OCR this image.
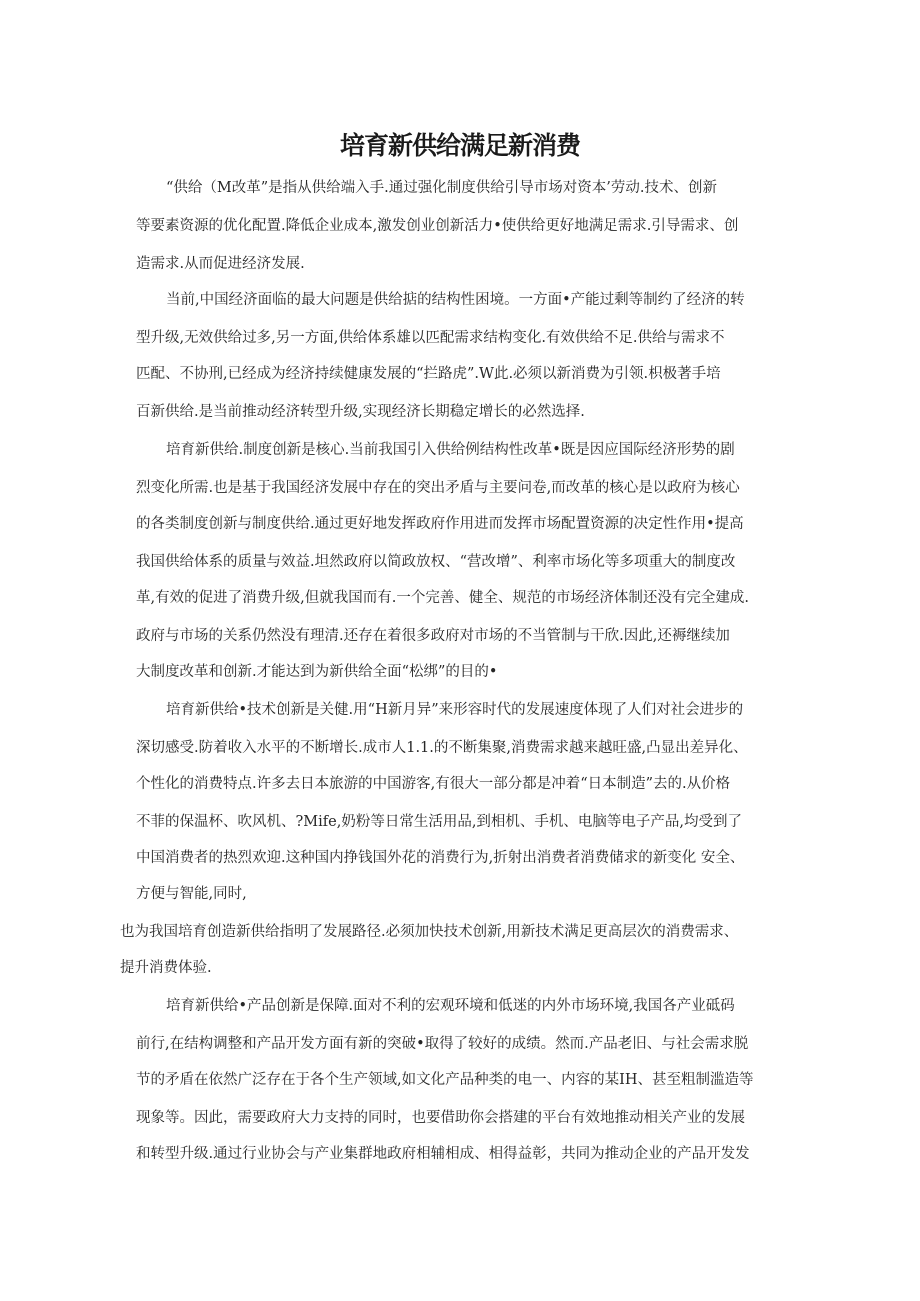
培育新供给满足新消费
“供给（M改革”是指从供给端入手.通过强化制度供给引导市场对资本’劳动.技术、创新
等要素资源的优化配置.降低企业成本,激发创业创新活力•使供给更好地满足需求.引导需求、创
造需求.从而促进经济发展.
当前,中国经济面临的最大问题是供给掂的结构性困境。一方面•产能过剩等制约了经济的转
型升级,无效供给过多,另一方面,供给体系雄以匹配需求结构变化.有效供给不足.供给与需求不
匹配、不协刑,已经成为经济持续健康发展的“拦路虎”.W此.必须以新消费为引领.枳极著手培
百新供给.是当前推动经济转型升级,实现经济长期稳定增长的必然选择.
培育新供给.制度创新是核心.当前我国引入供给例结构性改革•既是因应国际经济形势的剧
烈变化所需.也是基于我国经济发展中存在的突出矛盾与主要问卷,而改革的核心是以政府为核心
的各类制度创新与制度供给.通过更好地发挥政府作用进而发挥市场配置资源的决定性作用•提高
我国供给体系的质量与效益.坦然政府以简政放权、“营改增”、利率市场化等多项重大的制度改
革,有效的促进了消费升级,但就我国而有.一个完善、健全、规范的市场经济体制还没有完全建成.
政府与市场的关系仍然没有理清.还存在着很多政府对市场的不当管制与干欣.因此,还褥继续加
大制度改革和创新.才能达到为新供给全面“松绑”的目的•
培育新供给•技术创新是关健.用“H新月异”来形容时代的发展速度体现了人们对社会进步的
深切感受.防着收入水平的不断增长.成市人1.1.的不断集聚,消费需求越来越旺盛,凸显出差异化、
个性化的消费特点.许多去日本旅游的中国游客,有很大一部分都是冲着“日本制造”去的.从价格
不菲的保温杯、吹风机、?Mife,奶粉等日常生活用品,到相机、手机、电脑等电子产品,均受到了
中国消费者的热烈欢迎.这种国内挣钱国外花的消费行为,折射出消费者消费储求的新变化 安全、
方便与智能,同时,
也为我国培育创造新供给指明了发展路径.必须加快技术创新,用新技术满足更高层次的消费需求、
提升消费体验.
培育新供给•产品创新是保障.面对不利的宏观环境和低迷的内外市场环境,我国各产业砥码
前行,在结构调整和产品开发方面有新的突破•取得了较好的成绩。然而.产品老旧、与社会需求脱
节的矛盾在依然广泛存在于各个生产领域,如文化产品种类的电一、内容的某IH、甚至粗制滥造等
现象等。因此，需要政府大力支持的同时，也要借助你会搭建的平台有效地推动相关产业的发展
和转型升级.通过行业协会与产业集群地政府相辅相成、相得益彰，共同为推动企业的产品开发发
